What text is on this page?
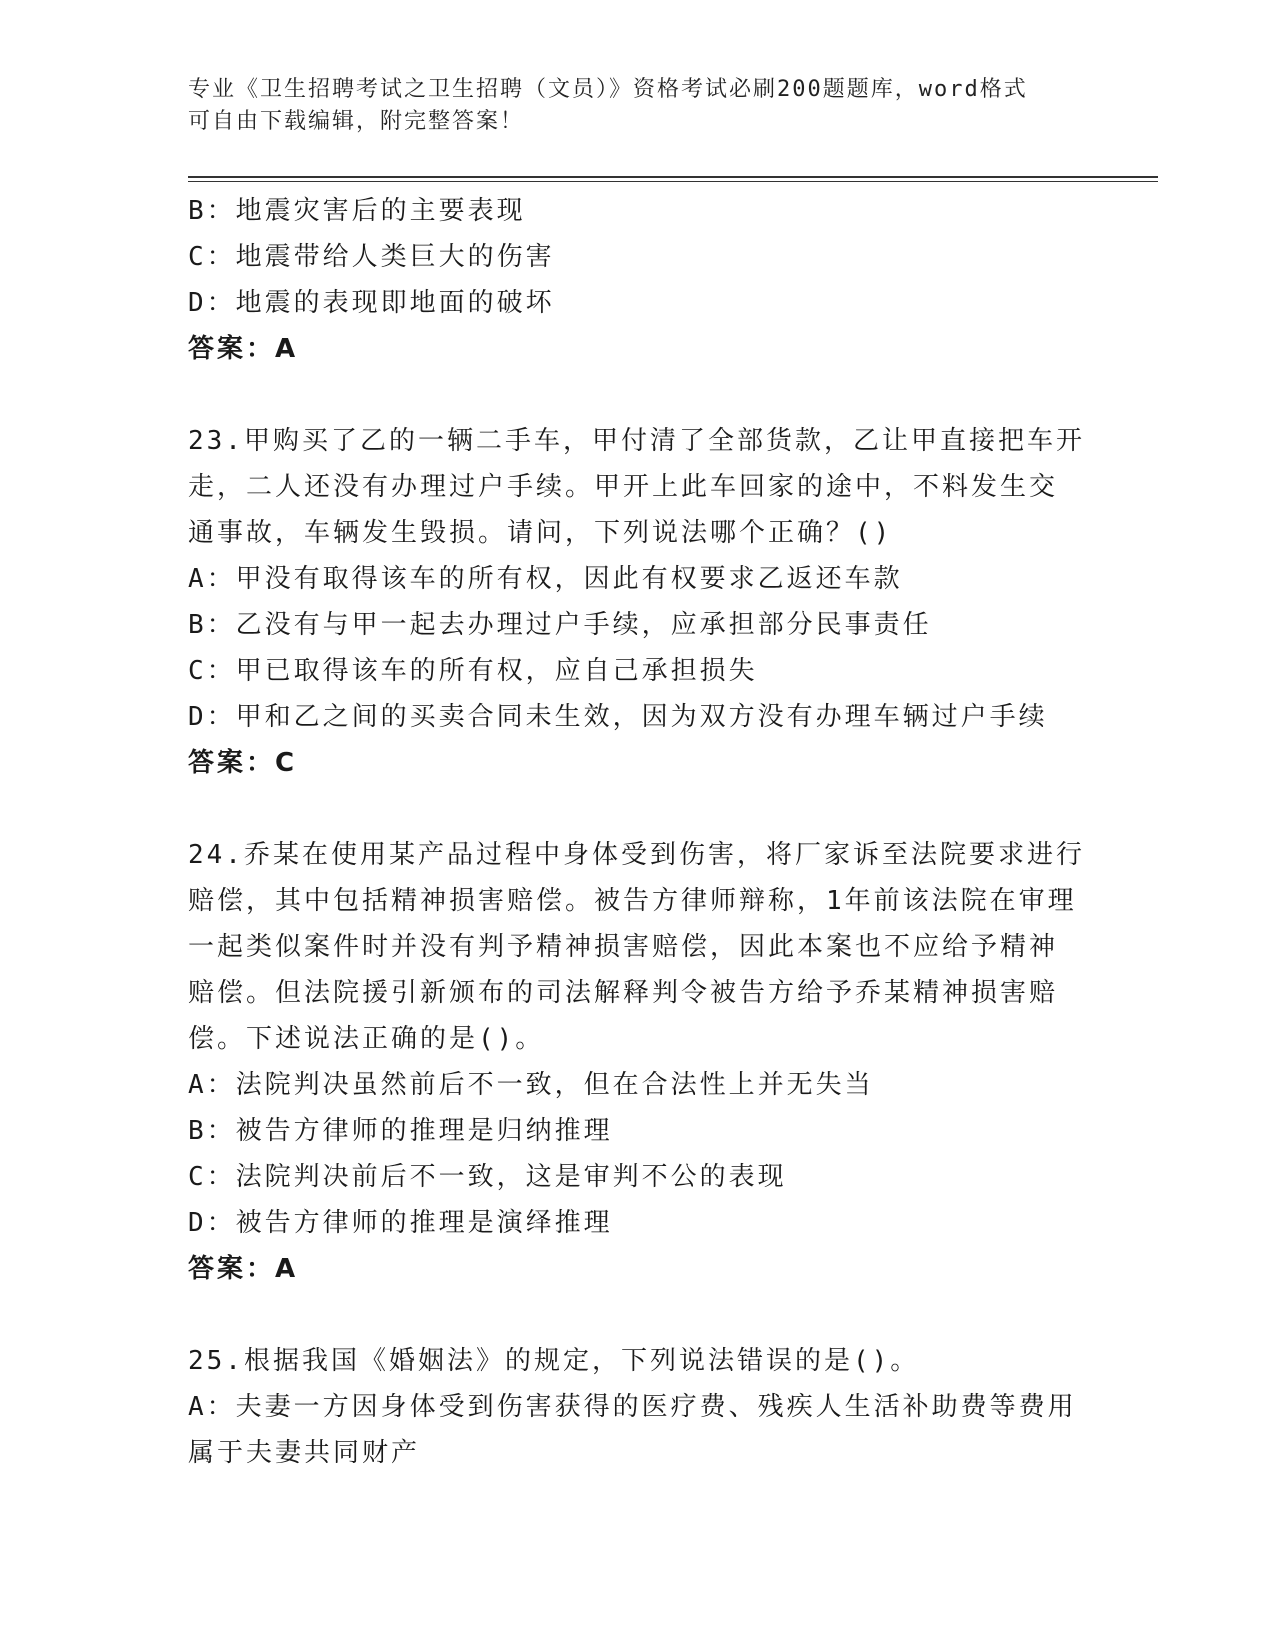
专业《卫生招聘考试之卫生招聘（文员）》资格考试必刷200题题库，word格式

可自由下载编辑，附完整答案！

B：地震灾害后的主要表现

C：地震带给人类巨大的伤害

D：地震的表现即地面的破坏

答案：A

23.甲购买了乙的一辆二手车，甲付清了全部货款，乙让甲直接把车开

走，二人还没有办理过户手续。甲开上此车回家的途中，不料发生交

通事故，车辆发生毁损。请问，下列说法哪个正确？()

A：甲没有取得该车的所有权，因此有权要求乙返还车款

B：乙没有与甲一起去办理过户手续，应承担部分民事责任

C：甲已取得该车的所有权，应自己承担损失

D：甲和乙之间的买卖合同未生效，因为双方没有办理车辆过户手续

答案：C

24.乔某在使用某产品过程中身体受到伤害，将厂家诉至法院要求进行

赔偿，其中包括精神损害赔偿。被告方律师辩称，1年前该法院在审理

一起类似案件时并没有判予精神损害赔偿，因此本案也不应给予精神

赔偿。但法院援引新颁布的司法解释判令被告方给予乔某精神损害赔

偿。下述说法正确的是()。

A：法院判决虽然前后不一致，但在合法性上并无失当

B：被告方律师的推理是归纳推理

C：法院判决前后不一致，这是审判不公的表现

D：被告方律师的推理是演绎推理

答案：A

25.根据我国《婚姻法》的规定，下列说法错误的是()。

A：夫妻一方因身体受到伤害获得的医疗费、残疾人生活补助费等费用

属于夫妻共同财产
